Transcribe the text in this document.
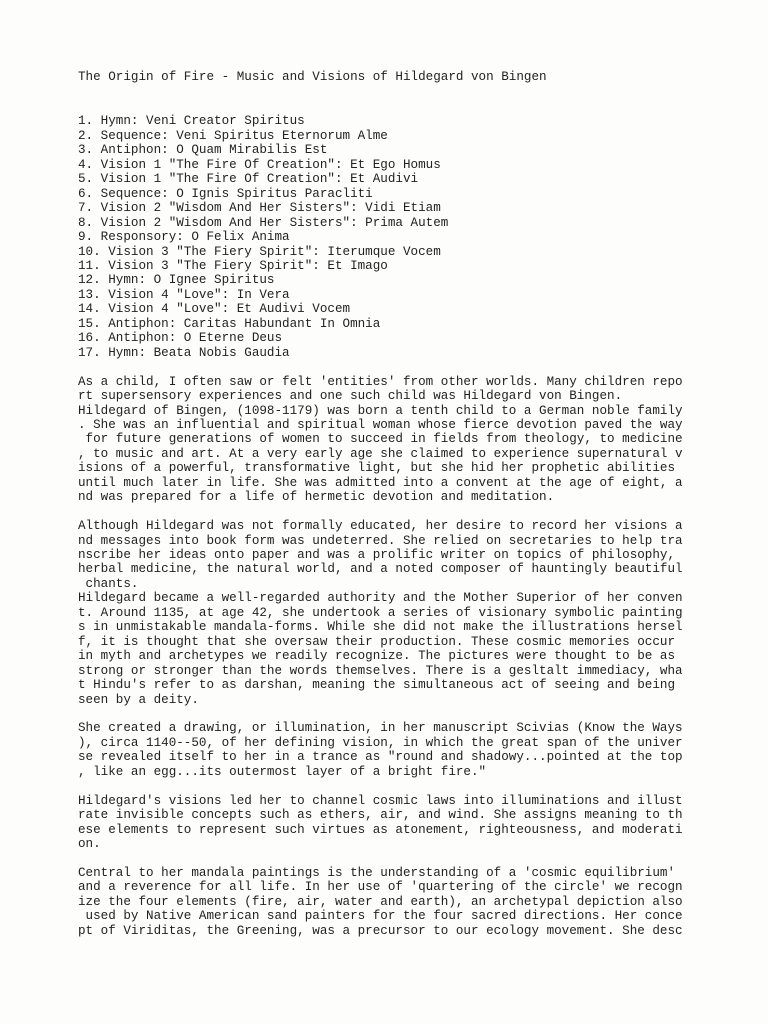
The Origin of Fire - Music and Visions of Hildegard von Bingen
1. Hymn: Veni Creator Spiritus
2. Sequence: Veni Spiritus Eternorum Alme
3. Antiphon: O Quam Mirabilis Est
4. Vision 1 "The Fire Of Creation": Et Ego Homus
5. Vision 1 "The Fire Of Creation": Et Audivi
6. Sequence: O Ignis Spiritus Paracliti
7. Vision 2 "Wisdom And Her Sisters": Vidi Etiam
8. Vision 2 "Wisdom And Her Sisters": Prima Autem
9. Responsory: O Felix Anima
10. Vision 3 "The Fiery Spirit": Iterumque Vocem
11. Vision 3 "The Fiery Spirit": Et Imago
12. Hymn: O Ignee Spiritus
13. Vision 4 "Love": In Vera
14. Vision 4 "Love": Et Audivi Vocem
15. Antiphon: Caritas Habundant In Omnia
16. Antiphon: O Eterne Deus
17. Hymn: Beata Nobis Gaudia

As a child, I often saw or felt 'entities' from other worlds. Many children repo
rt supersensory experiences and one such child was Hildegard von Bingen.
Hildegard of Bingen, (1098-1179) was born a tenth child to a German noble family
. She was an influential and spiritual woman whose fierce devotion paved the way
for future generations of women to succeed in fields from theology, to medicine
, to music and art. At a very early age she claimed to experience supernatural v
isions of a powerful, transformative light, but she hid her prophetic abilities
until much later in life. She was admitted into a convent at the age of eight, a
nd was prepared for a life of hermetic devotion and meditation.

Although Hildegard was not formally educated, her desire to record her visions a
nd messages into book form was undeterred. She relied on secretaries to help tra
nscribe her ideas onto paper and was a prolific writer on topics of philosophy,
herbal medicine, the natural world, and a noted composer of hauntingly beautiful
chants.
Hildegard became a well-regarded authority and the Mother Superior of her conven
t. Around 1135, at age 42, she undertook a series of visionary symbolic painting
s in unmistakable mandala-forms. While she did not make the illustrations hersel
f, it is thought that she oversaw their production. These cosmic memories occur
in myth and archetypes we readily recognize. The pictures were thought to be as
strong or stronger than the words themselves. There is a gesltalt immediacy, wha
t Hindu's refer to as darshan, meaning the simultaneous act of seeing and being
seen by a deity.

She created a drawing, or illumination, in her manuscript Scivias (Know the Ways
), circa 1140--50, of her defining vision, in which the great span of the univer
se revealed itself to her in a trance as "round and shadowy...pointed at the top
, like an egg...its outermost layer of a bright fire."

Hildegard's visions led her to channel cosmic laws into illuminations and illust
rate invisible concepts such as ethers, air, and wind. She assigns meaning to th
ese elements to represent such virtues as atonement, righteousness, and moderati
on.

Central to her mandala paintings is the understanding of a 'cosmic equilibrium'
and a reverence for all life. In her use of 'quartering of the circle' we recogn
ize the four elements (fire, air, water and earth), an archetypal depiction also
used by Native American sand painters for the four sacred directions. Her conce
pt of Viriditas, the Greening, was a precursor to our ecology movement. She desc
